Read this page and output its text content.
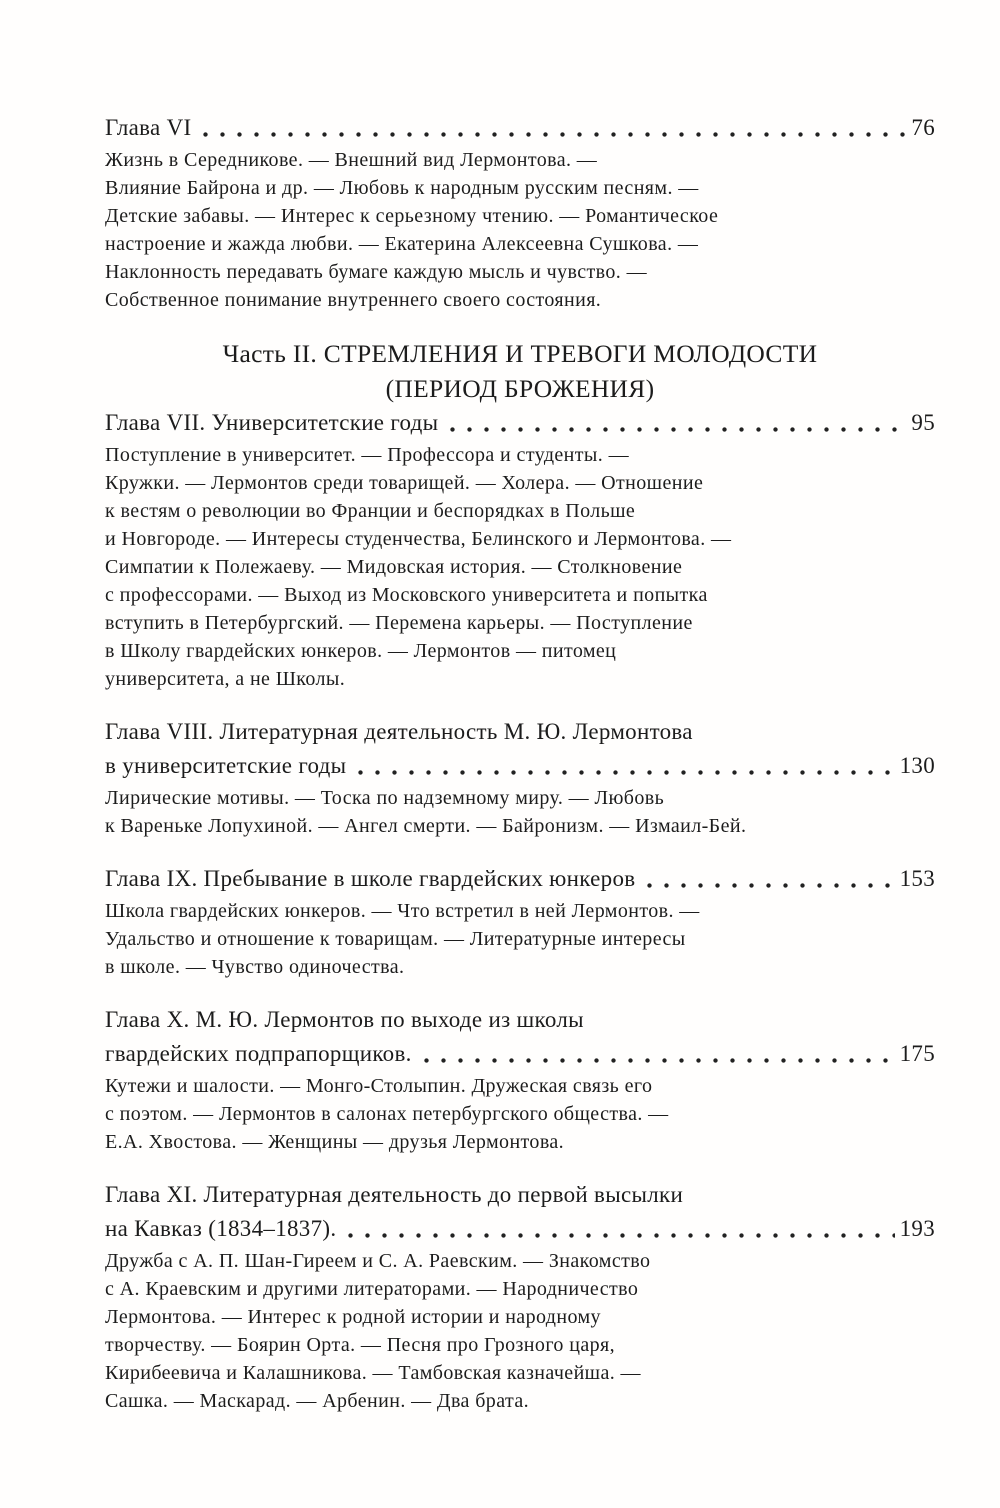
Глава VI	76
Жизнь в Середникове. — Внешний вид Лермонтова. —
Влияние Байрона и др. — Любовь к народным русским песням. —
Детские забавы. — Интерес к серьезному чтению. — Романтическое
настроение и жажда любви. — Екатерина Алексеевна Сушкова. —
Наклонность передавать бумаге каждую мысль и чувство. —
Собственное понимание внутреннего своего состояния.
Часть II. СТРЕМЛЕНИЯ И ТРЕВОГИ МОЛОДОСТИ
(ПЕРИОД БРОЖЕНИЯ)
Глава VII. Университетские годы	95
Поступление в университет. — Профессора и студенты. —
Кружки. — Лермонтов среди товарищей. — Холера. — Отношение
к вестям о революции во Франции и беспорядках в Польше
и Новгороде. — Интересы студенчества, Белинского и Лермонтова. —
Симпатии к Полежаеву. — Мидовская история. — Столкновение
с профессорами. — Выход из Московского университета и попытка
вступить в Петербургский. — Перемена карьеры. — Поступление
в Школу гвардейских юнкеров. — Лермонтов — питомец
университета, а не Школы.
Глава VIII. Литературная деятельность М. Ю. Лермонтова
в университетские годы	130
Лирические мотивы. — Тоска по надземному миру. — Любовь
к Вареньке Лопухиной. — Ангел смерти. — Байронизм. — Измаил-Бей.
Глава IX. Пребывание в школе гвардейских юнкеров	153
Школа гвардейских юнкеров. — Что встретил в ней Лермонтов. —
Удальство и отношение к товарищам. — Литературные интересы
в школе. — Чувство одиночества.
Глава X. М. Ю. Лермонтов по выходе из школы
гвардейских подпрапорщиков.	175
Кутежи и шалости. — Монго-Столыпин. Дружеская связь его
с поэтом. — Лермонтов в салонах петербургского общества. —
Е.А. Хвостова. — Женщины — друзья Лермонтова.
Глава XI. Литературная деятельность до первой высылки
на Кавказ (1834–1837).	193
Дружба с А. П. Шан-Гиреем и С. А. Раевским. — Знакомство
с А. Краевским и другими литераторами. — Народничество
Лермонтова. — Интерес к родной истории и народному
творчеству. — Боярин Орта. — Песня про Грозного царя,
Кирибеевича и Калашникова. — Тамбовская казначейша. —
Сашка. — Маскарад. — Арбенин. — Два брата.
